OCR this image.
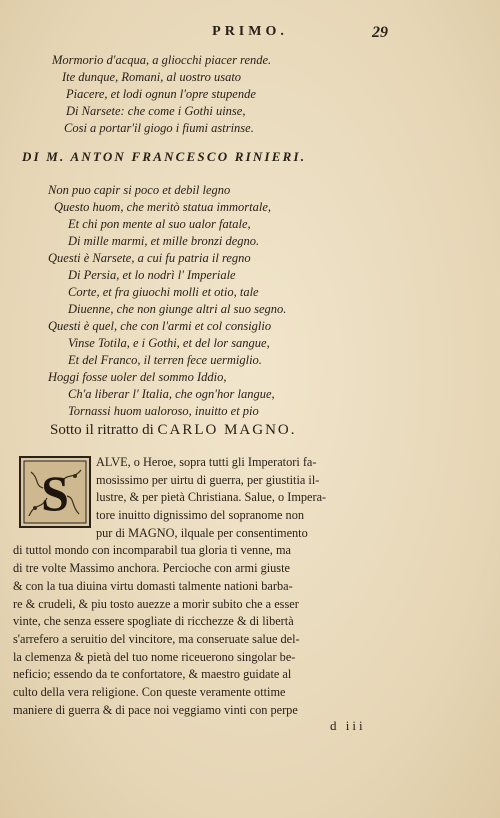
PRIMO.	29
Mormorio d'acqua, a gliocchi piacer rende.
Ite dunque, Romani, al uostro usato
Piacere, et lodi ognun l'opre stupende
Di Narsete: che come i Gothi uinse,
Cosi a portar'il giogo i fiumi astrinse.
DI M. ANTON FRANCESCO RINIERI.
Non puo capir si poco et debil legno
Questo huom, che meritò statua immortale,
Et chi pon mente al suo ualor fatale,
Di mille marmi, et mille bronzi degno.
Questi è Narsete, a cui fu patria il regno
Di Persia, et lo nodrì l' Imperiale
Corte, et fra giuochi molli et otio, tale
Diuenne, che non giunge altri al suo segno.
Questi è quel, che con l'armi et col consiglio
Vinse Totila, e i Gothi, et del lor sangue,
Et del Franco, il terren fece uermiglio.
Hoggi fosse uoler del sommo Iddio,
Ch'a liberar l' Italia, che ogn'hor langue,
Tornassi huom ualoroso, inuitto et pio
Sotto il ritratto di CARLO MAGNO.
S
ALVE, o Heroe, sopra tutti gli Imperatori fa-
mosissimo per uirtu di guerra, per giustitia il-
lustre, & per pietà Christiana. Salue, o Impera-
tore inuitto dignissimo del sopranome non
pur di MAGNO, ilquale per consentimento
di tuttol mondo con incomparabil tua gloria ti venne, ma
di tre volte Massimo anchora. Percioche con armi giuste
& con la tua diuina virtu domasti talmente nationi barba-
re & crudeli, & piu tosto auezze a morir subito che a esser
vinte, che senza essere spogliate di ricchezze & di libertà
s'arrefero a seruitio del vincitore, ma conseruate salue del-
la clemenza & pietà del tuo nome riceuerono singolar be-
neficio; essendo da te confortatore, & maestro guidate al
culto della vera religione. Con queste veramente ottime
maniere di guerra & di pace noi veggiamo vinti con perpe
d iii
